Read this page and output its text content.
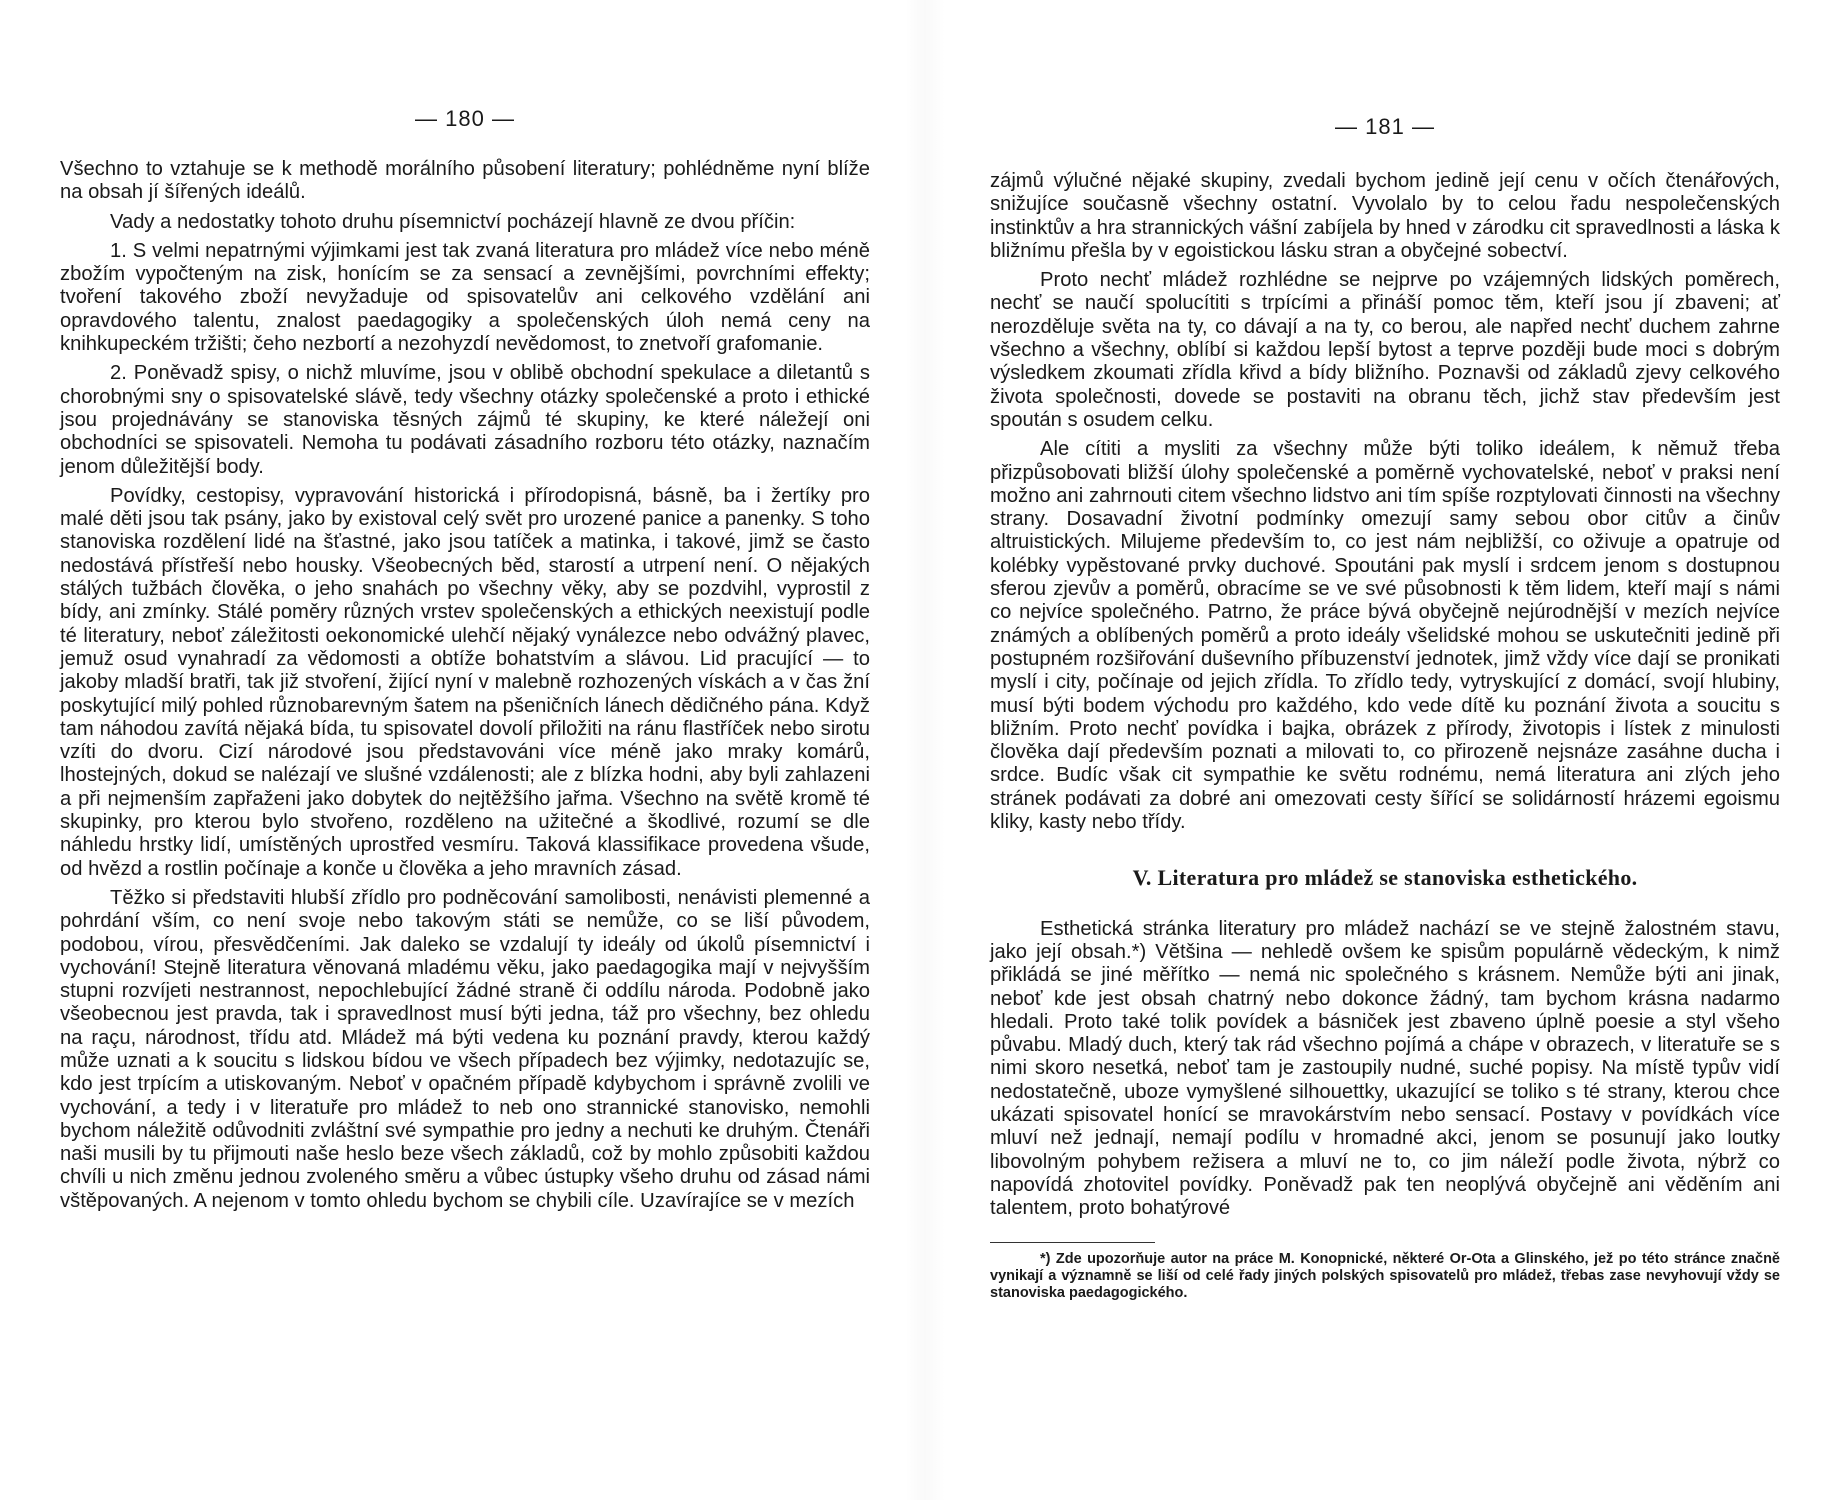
— 180 —

Všechno to vztahuje se k methodě morálního působení literatury; pohlédněme nyní blíže na obsah jí šířených ideálů.

Vady a nedostatky tohoto druhu písemnictví pocházejí hlavně ze dvou příčin:

1. S velmi nepatrnými výjimkami jest tak zvaná literatura pro mládež více nebo méně zbožím vypočteným na zisk, honícím se za sensací a zevnějšími, povrchními effekty; tvoření takového zboží nevyžaduje od spisovatelův ani celkového vzdělání ani opravdového talentu, znalost paedagogiky a společenských úloh nemá ceny na knihkupeckém tržišti; čeho nezbortí a nezohyzdí nevědomost, to znetvoří grafomanie.

2. Poněvadž spisy, o nichž mluvíme, jsou v oblibě obchodní spekulace a diletantů s chorobnými sny o spisovatelské slávě, tedy všechny otázky společenské a proto i ethické jsou projednávány se stanoviska těsných zájmů té skupiny, ke které náležejí oni obchodníci se spisovateli. Nemoha tu podávati zásadního rozboru této otázky, naznačím jenom důležitější body.

Povídky, cestopisy, vypravování historická i přírodopisná, básně, ba i žertíky pro malé děti jsou tak psány, jako by existoval celý svět pro urozené panice a panenky. S toho stanoviska rozdělení lidé na šťastné, jako jsou tatíček a matinka, i takové, jimž se často nedostává přístřeší nebo housky. Všeobecných běd, starostí a utrpení není. O nějakých stálých tužbách člověka, o jeho snahách po všechny věky, aby se pozdvihl, vyprostil z bídy, ani zmínky. Stálé poměry různých vrstev společenských a ethických neexistují podle té literatury, neboť záležitosti oekonomické ulehčí nějaký vynálezce nebo odvážný plavec, jemuž osud vynahradí za vědomosti a obtíže bohatstvím a slávou. Lid pracující — to jakoby mladší bratři, tak již stvoření, žijící nyní v malebně rozhozených vískách a v čas žní poskytující milý pohled různobarevným šatem na pšeničních lánech dědičného pána. Když tam náhodou zavítá nějaká bída, tu spisovatel dovolí přiložiti na ránu flastříček nebo sirotu vzíti do dvoru. Cizí národové jsou představováni více méně jako mraky komárů, lhostejných, dokud se nalézají ve slušné vzdálenosti; ale z blízka hodni, aby byli zahlazeni a při nejmenším zapřaženi jako dobytek do nejtěžšího jařma. Všechno na světě kromě té skupinky, pro kterou bylo stvořeno, rozděleno na užitečné a škodlivé, rozumí se dle náhledu hrstky lidí, umístěných uprostřed vesmíru. Taková klassifikace provedena všude, od hvězd a rostlin počínaje a konče u člověka a jeho mravních zásad.

Těžko si představiti hlubší zřídlo pro podněcování samolibosti, nenávisti plemenné a pohrdání vším, co není svoje nebo takovým státi se nemůže, co se liší původem, podobou, vírou, přesvědčeními. Jak daleko se vzdalují ty ideály od úkolů písemnictví i vychování! Stejně literatura věnovaná mladému věku, jako paedagogika mají v nejvyšším stupni rozvíjeti nestrannost, nepochlebující žádné straně či oddílu národa. Podobně jako všeobecnou jest pravda, tak i spravedlnost musí býti jedna, táž pro všechny, bez ohledu na raçu, národnost, třídu atd. Mládež má býti vedena ku poznání pravdy, kterou každý může uznati a k soucitu s lidskou bídou ve všech případech bez výjimky, nedotazujíc se, kdo jest trpícím a utiskovaným. Neboť v opačném případě kdybychom i správně zvolili ve vychování, a tedy i v literatuře pro mládež to neb ono strannické stanovisko, nemohli bychom náležitě odůvodniti zvláštní své sympathie pro jedny a nechuti ke druhým. Čtenáři naši musili by tu přijmouti naše heslo beze všech základů, což by mohlo způsobiti každou chvíli u nich změnu jednou zvoleného směru a vůbec ústupky všeho druhu od zásad námi vštěpovaných. A nejenom v tomto ohledu bychom se chybili cíle. Uzavírajíce se v mezích

— 181 —

zájmů výlučné nějaké skupiny, zvedali bychom jedině její cenu v očích čtenářových, snižujíce současně všechny ostatní. Vyvolalo by to celou řadu nespolečenských instinktův a hra strannických vášní zabíjela by hned v zárodku cit spravedlnosti a láska k bližnímu přešla by v egoistickou lásku stran a obyčejné sobectví.

Proto nechť mládež rozhlédne se nejprve po vzájemných lidských poměrech, nechť se naučí spolucítiti s trpícími a přináší pomoc těm, kteří jsou jí zbaveni; ať nerozděluje světa na ty, co dávají a na ty, co berou, ale napřed nechť duchem zahrne všechno a všechny, oblíbí si každou lepší bytost a teprve později bude moci s dobrým výsledkem zkoumati zřídla křivd a bídy bližního. Poznavši od základů zjevy celkového života společnosti, dovede se postaviti na obranu těch, jichž stav především jest spoután s osudem celku.

Ale cítiti a mysliti za všechny může býti toliko ideálem, k němuž třeba přizpůsobovati bližší úlohy společenské a poměrně vychovatelské, neboť v praksi není možno ani zahrnouti citem všechno lidstvo ani tím spíše rozptylovati činnosti na všechny strany. Dosavadní životní podmínky omezují samy sebou obor citův a činův altruistických. Milujeme především to, co jest nám nejbližší, co oživuje a opatruje od kolébky vypěstované prvky duchové. Spoutáni pak myslí i srdcem jenom s dostupnou sferou zjevův a poměrů, obracíme se ve své působnosti k těm lidem, kteří mají s námi co nejvíce společného. Patrno, že práce bývá obyčejně nejúrodnější v mezích nejvíce známých a oblíbených poměrů a proto ideály všelidské mohou se uskutečniti jedině při postupném rozšiřování duševního příbuzenství jednotek, jimž vždy více dají se pronikati myslí i city, počínaje od jejich zřídla. To zřídlo tedy, vytryskující z domácí, svojí hlubiny, musí býti bodem východu pro každého, kdo vede dítě ku poznání života a soucitu s bližním. Proto nechť povídka i bajka, obrázek z přírody, životopis i lístek z minulosti člověka dají především poznati a milovati to, co přirozeně nejsnáze zasáhne ducha i srdce. Budíc však cit sympathie ke světu rodnému, nemá literatura ani zlých jeho stránek podávati za dobré ani omezovati cesty šířící se solidárností hrázemi egoismu kliky, kasty nebo třídy.

V. Literatura pro mládež se stanoviska esthetického.

Esthetická stránka literatury pro mládež nachází se ve stejně žalostném stavu, jako její obsah.*) Většina — nehledě ovšem ke spisům populárně vědeckým, k nimž přikládá se jiné měřítko — nemá nic společného s krásnem. Nemůže býti ani jinak, neboť kde jest obsah chatrný nebo dokonce žádný, tam bychom krásna nadarmo hledali. Proto také tolik povídek a básniček jest zbaveno úplně poesie a styl všeho půvabu. Mladý duch, který tak rád všechno pojímá a chápe v obrazech, v literatuře se s nimi skoro nesetká, neboť tam je zastoupily nudné, suché popisy. Na místě typův vidí nedostatečně, uboze vymyšlené silhouettky, ukazující se toliko s té strany, kterou chce ukázati spisovatel honící se mravokárstvím nebo sensací. Postavy v povídkách více mluví než jednají, nemají podílu v hromadné akci, jenom se posunují jako loutky libovolným pohybem režisera a mluví ne to, co jim náleží podle života, nýbrž co napovídá zhotovitel povídky. Poněvadž pak ten neoplývá obyčejně ani věděním ani talentem, proto bohatýrové

*) Zde upozorňuje autor na práce M. Konopnické, některé Or-Ota a Glinského, jež po této stránce značně vynikají a významně se liší od celé řady jiných polských spisovatelů pro mládež, třebas zase nevyhovují vždy se stanoviska paedagogického.
